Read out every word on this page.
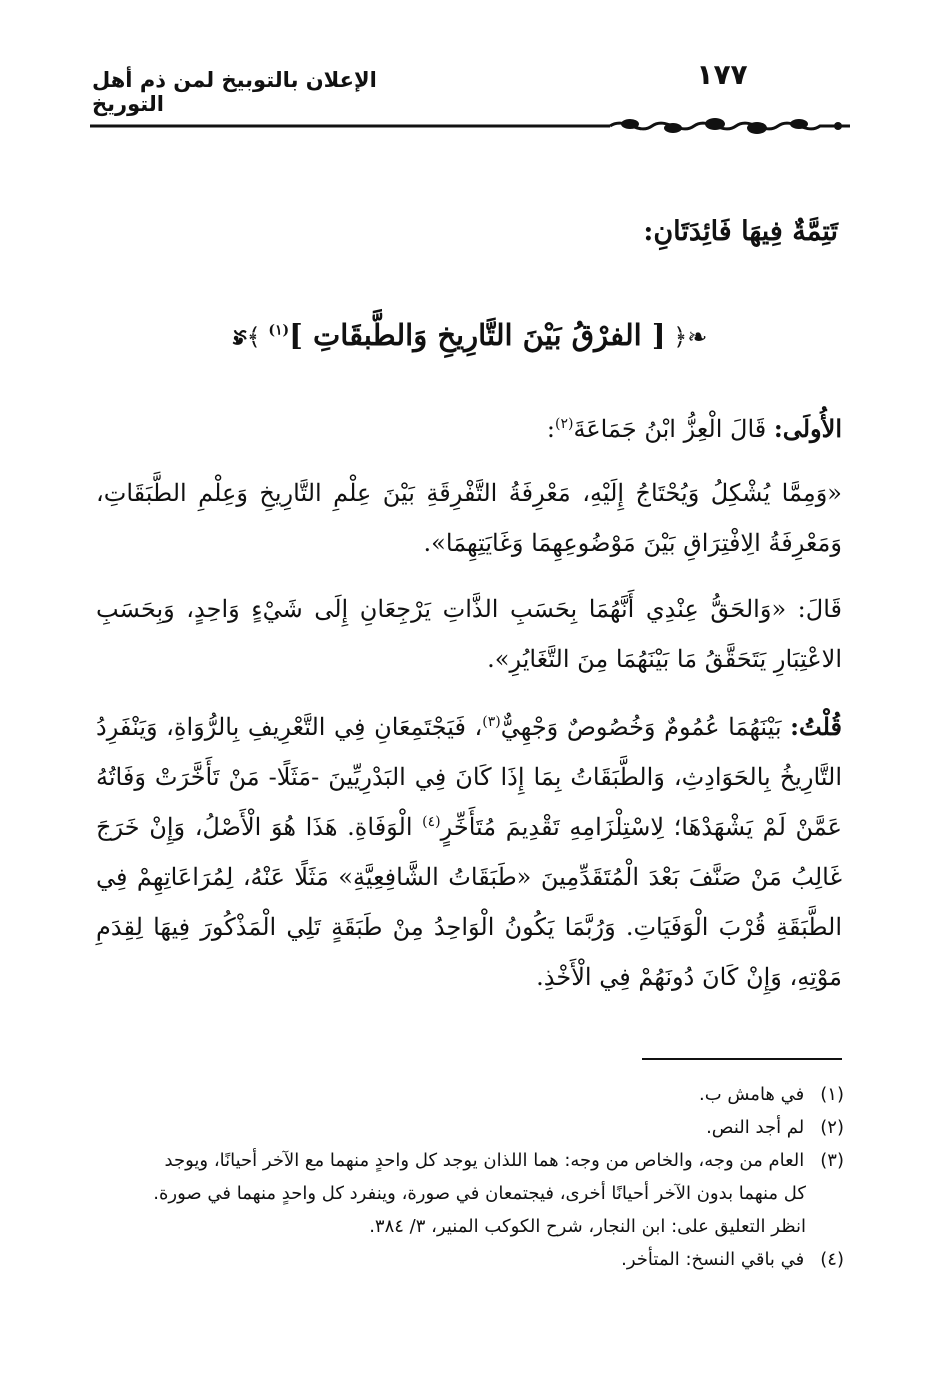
الإعلان بالتوبيخ لمن ذم أهل التوريخ
١٧٧
تَتِمَّةٌ فِيهَا فَائِدَتَانِ:
❧﴿ [ الفرْقُ بَيْنَ التَّارِيخِ وَالطَّبقَاتِ ]$^{(١)}$ ﴾☙
الأُولَى: قَالَ الْعِزُّ ابْنُ جَمَاعَةَ$^{(٢)}$:
«وَمِمَّا يُشْكِلُ وَيُحْتَاجُ إِلَيْهِ، مَعْرِفَةُ التَّفْرِقَةِ بَيْنَ عِلْمِ التَّارِيخِ وَعِلْمِ الطَّبَقَاتِ، وَمَعْرِفَةُ الِافْتِرَاقِ بَيْنَ مَوْضُوعِهِمَا وَغَايَتِهِمَا».
قَالَ: «وَالحَقُّ عِنْدِي أَنَّهُمَا بِحَسَبِ الذَّاتِ يَرْجِعَانِ إِلَى شَيْءٍ وَاحِدٍ، وَبِحَسَبِ الاعْتِبَارِ يَتَحَقَّقُ مَا بَيْنَهُمَا مِنَ التَّغَايُرِ».
قُلْتُ: بَيْنَهُمَا عُمُومٌ وَخُصُوصٌ وَجْهِيٌّ$^{(٣)}$، فَيَجْتَمِعَانِ فِي التَّعْرِيفِ بِالرُّوَاةِ، وَيَنْفَرِدُ التَّارِيخُ بِالحَوَادِثِ، وَالطَّبَقَاتُ بِمَا إِذَا كَانَ فِي البَدْرِيِّينَ -مَثَلًا- مَنْ تَأَخَّرَتْ وَفَاتُهُ عَمَّنْ لَمْ يَشْهَدْهَا؛ لِاسْتِلْزَامِهِ تَقْدِيمَ مُتَأَخِّرٍ$^{(٤)}$ الْوَفَاةِ. هَذَا هُوَ الْأَصْلُ، وَإِنْ خَرَجَ غَالِبُ مَنْ صَنَّفَ بَعْدَ الْمُتَقَدِّمِينَ «طَبَقَاتُ الشَّافِعِيَّةِ» مَثَلًا عَنْهُ، لِمُرَاعَاتِهِمْ فِي الطَّبَقَةِ قُرْبَ الْوَفَيَاتِ. وَرُبَّمَا يَكُونُ الْوَاحِدُ مِنْ طَبَقَةٍ تَلِي الْمَذْكُورَ فِيهَا لِقِدَمِ مَوْتِهِ، وَإِنْ كَانَ دُونَهُمْ فِي الْأَخْذِ.

(١) في هامش ب.

(٢) لم أجد النص.

(٣) العام من وجه، والخاص من وجه: هما اللذان يوجد كل واحدٍ منهما مع الآخر أحيانًا، ويوجد

كل منهما بدون الآخر أحيانًا أخرى، فيجتمعان في صورة، وينفرد كل واحدٍ منهما في صورة.

انظر التعليق على: ابن النجار، شرح الكوكب المنير، ٣/ ٣٨٤.

(٤) في باقي النسخ: المتأخر.
